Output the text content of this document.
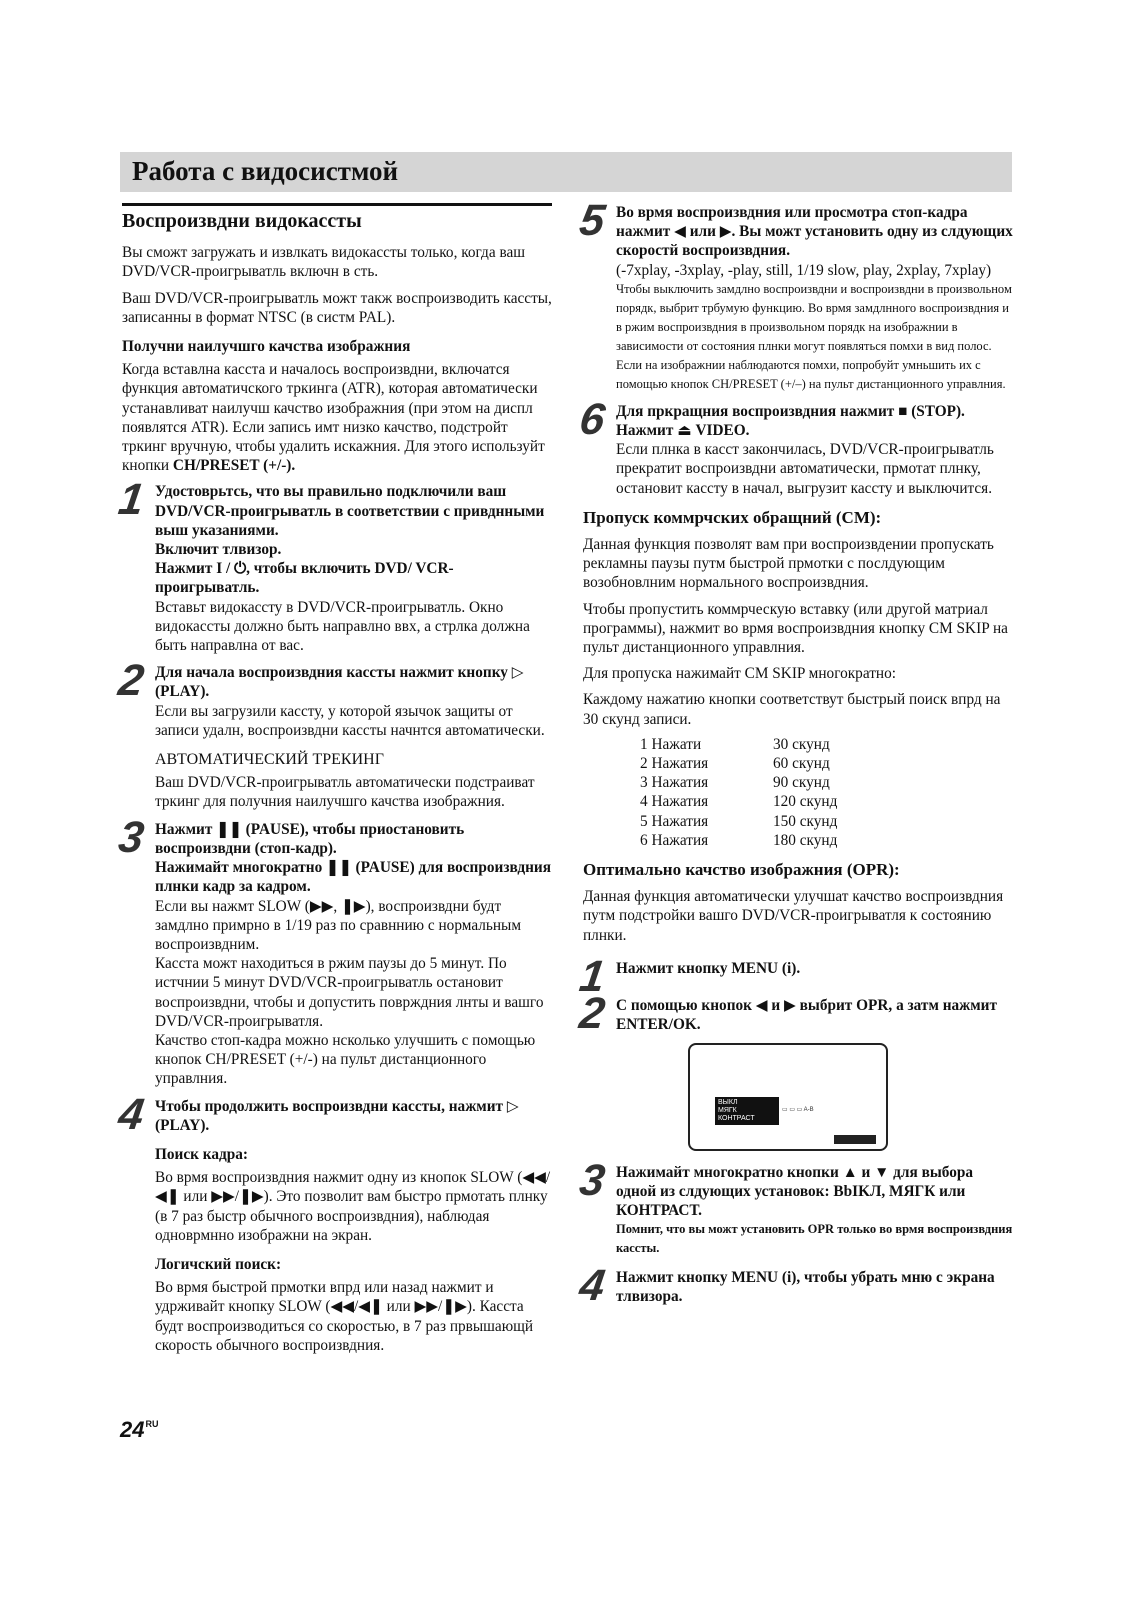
Работа с видосистмой
Воспроизвдни видокассты

Вы сможт загружать и извлкать видокассты только, когда ваш DVD/VCR-проигрыватль включн в сть.

Ваш DVD/VCR-проигрыватль можт такж воспроизводить кассты, записанны в формат NTSC (в систм PAL).

Получни наилучшго качства изображния

Когда вставлна касста и началось воспроизвдни, включатся функция автоматичского тркинга (ATR), которая автоматически устанавливат наилучш качство изображния (при этом на диспл появлятся ATR). Если запись имт низко качство, подстройт тркинг вручную, чтобы удалить искажния. Для этого используйт кнопки CH/PRESET (+/-).

1 Удостоврьтсь, что вы правильно подключили ваш DVD/VCR-проигрыватль в соответствии с привднными выш указаниями.
Включит тлвизор.
Нажмит I / ⏻, чтобы включить DVD/ VCR-проигрыватль.
Вставьт видокассту в DVD/VCR-проигрыватль. Окно видокассты должно быть направлно ввх, а стрлка должна быть направлна от вас.
2 Для начала воспроизвдния кассты нажмит кнопку ▷ (PLAY).
Если вы загрузили кассту, у которой язычок защиты от записи удалн, воспроизвдни кассты начнтся автоматически.
АВТОМАТИЧЕСКИЙ ТРЕКИНГ
Ваш DVD/VCR-проигрыватль автоматически подстраиват тркинг для получния наилучшго качства изображния.
3 Нажмит ❚❚ (PAUSE), чтобы приостановить воспроизвдни (стоп-кадр).
Нажимайт многократно ❚❚ (PAUSE) для воспроизвдния плнки кадр за кадром.
Если вы нажмт SLOW (▶▶, ❚▶), воспроизвдни будт замдлно примрно в 1/19 раз по сравннию с нормальным воспроизвдним.
Касста можт находиться в ржим паузы до 5 минут. По истчнии 5 минут DVD/VCR-проигрыватль остановит воспроизвдни, чтобы и допустить поврждния лнты и вашго DVD/VCR-проигрыватля.
Качство стоп-кадра можно нсколько улучшить с помощью кнопок CH/PRESET (+/-) на пульт дистанционного управлния.
4 Чтобы продолжить воспроизвдни кассты, нажмит ▷ (PLAY).
Поиск кадра:
Во врмя воспроизвдния нажмит одну из кнопок SLOW (◀◀/◀❚ или ▶▶/❚▶). Это позволит вам быстро прмотать плнку (в 7 раз быстр обычного воспроизвдния), наблюдая одноврмнно изображни на экран.
Логичский поиск:
Во врмя быстрой прмотки впрд или назад нажмит и удрживайт кнопку SLOW (◀◀/◀❚ или ▶▶/❚▶). Касста будт воспроизводиться со скоростью, в 7 раз првышающй скорость обычного воспроизвдния.
5 Во врмя воспроизвдния или просмотра стоп-кадра нажмит ◀ или ▶. Вы можт установить одну из слдующих скоростй воспроизвдния.
(-7xplay, -3xplay, -play, still, 1/19 slow, play, 2xplay, 7xplay)
Чтобы выключить замдлно воспроизвдни и воспроизвдни в произвольном порядк, выбрит трбумую функцию. Во врмя замдлнного воспроизвдния и в ржим воспроизвдния в произвольном порядк на изображнии в зависимости от состояния плнки могут появляться помхи в вид полос.
Если на изображнии наблюдаются помхи, попробуйт умньшить их с помощью кнопок CH/PRESET (+/–) на пульт дистанционного управлния.
6 Для пркращния воспроизвдния нажмит ■ (STOP). Нажмит ⏏ VIDEO.
Если плнка в касст закончилась, DVD/VCR-проигрыватль прекратит воспроизвдни автоматически, прмотат плнку, остановит кассту в начал, выгрузит кассту и выключится.
Пропуск коммрчских обращний (CM):

Данная функция позволят вам при воспроизвдении пропускать рекламны паузы путм быстрой прмотки с послдующим возобновлним нормального воспроизвдния.

Чтобы пропустить коммрческую вставку (или другой матриал программы), нажмит во врмя воспроизвдния кнопку CM SKIP на пульт дистанционного управлния.

Для пропуска нажимайт CM SKIP многократно:

Каждому нажатию кнопки соответствут быстрый поиск впрд на 30 скунд записи.

1 Нажати	30 скунд
2 Нажатия	60 скунд
3 Нажатия	90 скунд
4 Нажатия	120 скунд
5 Нажатия	150 скунд
6 Нажатия	180 скунд
Оптимально качство изображния (OPR):

Данная функция автоматически улучшат качство воспроизвдния путм подстройки вашго DVD/VCR-проигрыватля к состоянию плнки.

1 Нажмит кнопку MENU (i).
2 С помощью кнопок ◀ и ▶ выбрит OPR, а затм нажмит ENTER/OK.
ВЫКЛ
МЯГК
КОНТРАСТ
▭ ▭ ▭ A-B
3 Нажимайт многократно кнопки ▲ и ▼ для выбора одной из слдующих установок: BbIKЛ, МЯГК или КОНТРАСТ.
Помнит, что вы можт установить OPR только во врмя воспроизвдния кассты.
4 Нажмит кнопку MENU (i), чтобы убрать мню с экрана тлвизора.
$24^{RU}$
